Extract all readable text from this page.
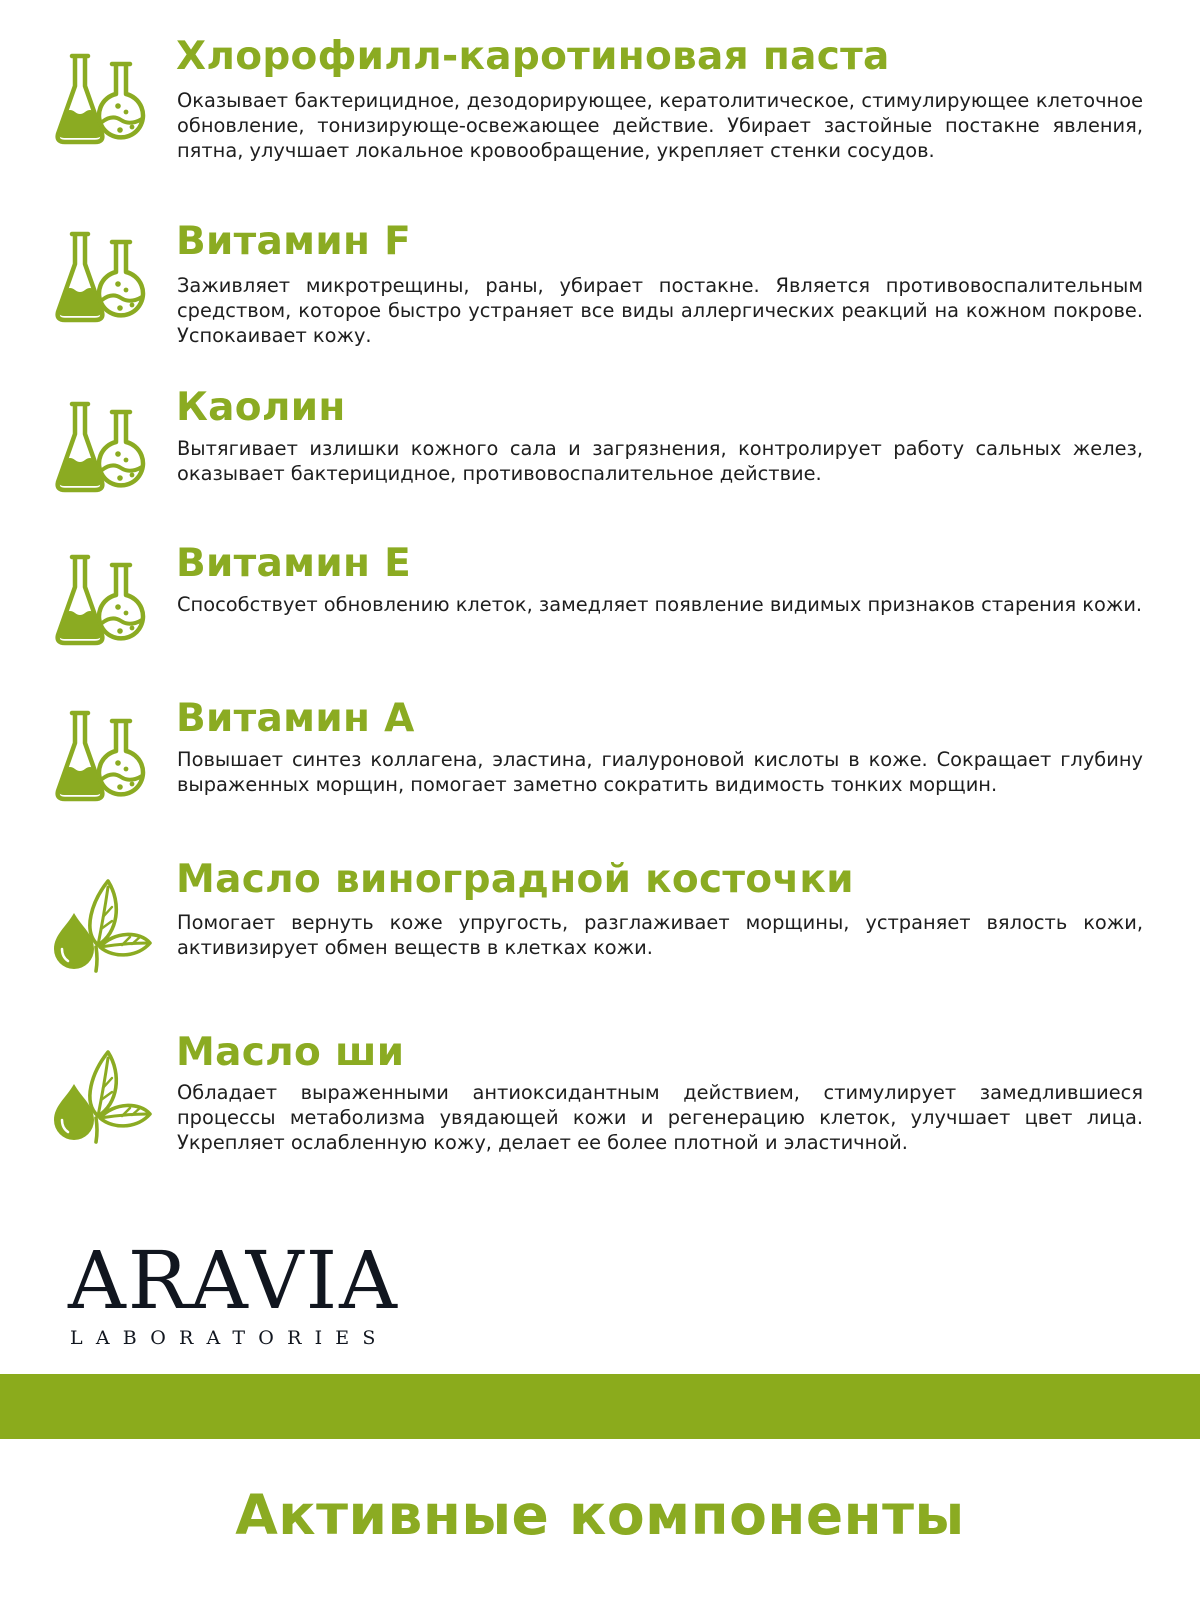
Хлорофилл-каротиновая паста

Оказывает бактерицидное, дезодорирующее, кератолитическое, стимулирующее клеточное обновление, тонизирующе-освежающее действие. Убирает застойные постакне явления, пятна, улучшает локальное кровообращение, укрепляет стенки сосудов.

Витамин F

Заживляет микротрещины, раны, убирает постакне. Является противовоспалительным средством, которое быстро устраняет все виды аллергических реакций на кожном покрове. Успокаивает кожу.

Каолин

Вытягивает излишки кожного сала и загрязнения, контролирует работу сальных желез, оказывает бактерицидное, противовоспалительное действие.

Витамин E

Способствует обновлению клеток, замедляет появление видимых признаков старения кожи.

Витамин А

Повышает синтез коллагена, эластина, гиалуроновой кислоты в коже. Сокращает глубину выраженных морщин, помогает заметно сократить видимость тонких морщин.

Масло виноградной косточки

Помогает вернуть коже упругость, разглаживает морщины, устраняет вялость кожи, активизирует обмен веществ в клетках кожи.

Масло ши

Обладает выраженными антиоксидантным действием, стимулирует замедлившиеся процессы метаболизма увядающей кожи и регенерацию клеток, улучшает цвет лица. Укрепляет ослабленную кожу, делает ее более плотной и эластичной.

ARAVIA
LABORATORIES
Активные компоненты
